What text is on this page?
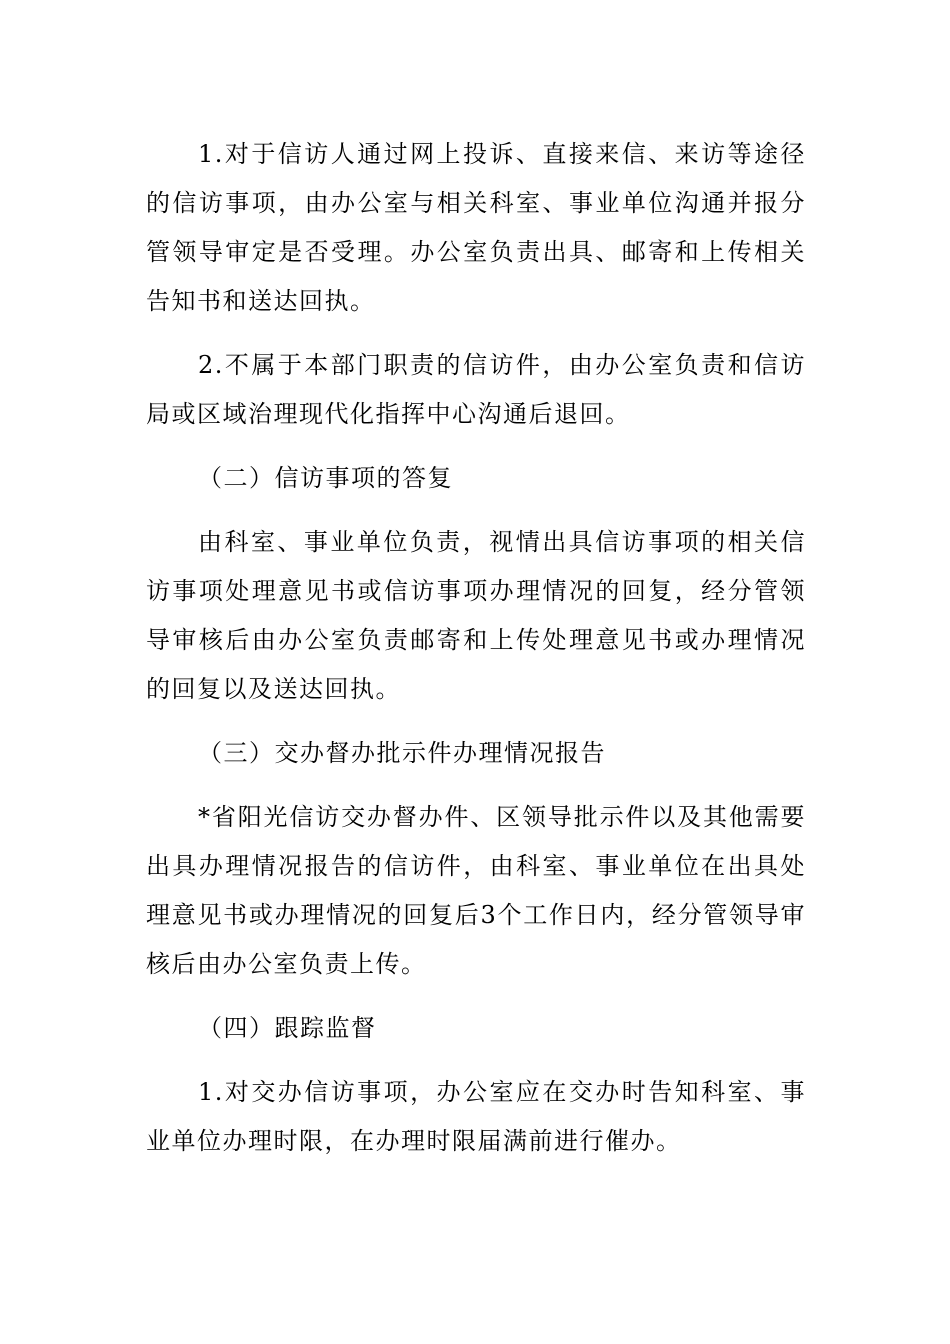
1.对于信访人通过网上投诉、直接来信、来访等途径的信访事项，由办公室与相关科室、事业单位沟通并报分管领导审定是否受理。办公室负责出具、邮寄和上传相关告知书和送达回执。

2.不属于本部门职责的信访件，由办公室负责和信访局或区域治理现代化指挥中心沟通后退回。

（二）信访事项的答复

由科室、事业单位负责，视情出具信访事项的相关信访事项处理意见书或信访事项办理情况的回复，经分管领导审核后由办公室负责邮寄和上传处理意见书或办理情况的回复以及送达回执。

（三）交办督办批示件办理情况报告

*省阳光信访交办督办件、区领导批示件以及其他需要出具办理情况报告的信访件，由科室、事业单位在出具处理意见书或办理情况的回复后3个工作日内，经分管领导审核后由办公室负责上传。

（四）跟踪监督

1.对交办信访事项，办公室应在交办时告知科室、事业单位办理时限，在办理时限届满前进行催办。
